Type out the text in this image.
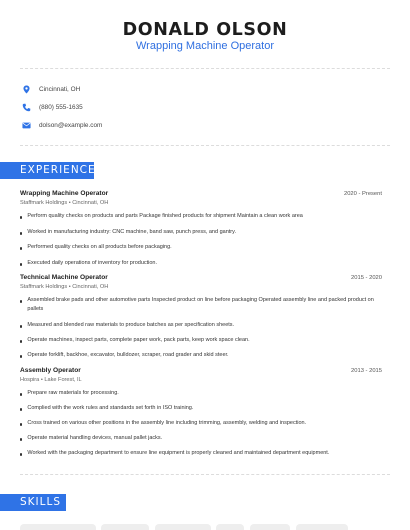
DONALD OLSON
Wrapping Machine Operator
Cincinnati, OH
(880) 555-1635
dolson@example.com
EXPERIENCE
Wrapping Machine Operator	2020 - Present
Staffmark Holdings • Cincinnati, OH
Perform quality checks on products and parts Package finished products for shipment Maintain a clean work area
Worked in manufacturing industry: CNC machine, band saw, punch press, and gantry.
Performed quality checks on all products before packaging.
Executed daily operations of inventory for production.
Technical Machine Operator	2015 - 2020
Staffmark Holdings • Cincinnati, OH
Assembled brake pads and other automotive parts Inspected product on line before packaging Operated assembly line and packed product on pallets
Measured and blended raw materials to produce batches as per specification sheets.
Operate machines, inspect parts, complete paper work, pack parts, keep work space clean.
Operate forklift, backhoe, excavator, bulldozer, scraper, road grader and skid steer.
Assembly Operator	2013 - 2015
Hospira • Lake Forest, IL
Prepare raw materials for processing.
Complied with the work rules and standards set forth in ISO training.
Cross trained on various other positions in the assembly line including trimming, assembly, welding and inspection.
Operate material handling devices, manual pallet jacks.
Worked with the packaging department to ensure line equipment is properly cleaned and maintained department equipment.
SKILLS
